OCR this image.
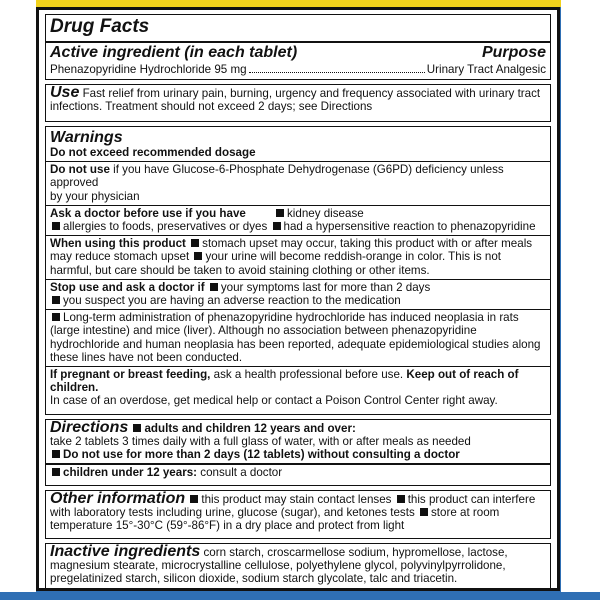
Drug Facts
Active ingredient (in each tablet)	Purpose
Phenazopyridine Hydrochloride 95 mg	Urinary Tract Analgesic
Use Fast relief from urinary pain, burning, urgency and frequency associated with urinary tract
infections. Treatment should not exceed 2 days; see Directions
Warnings
Do not exceed recommended dosage
Do not use if you have Glucose-6-Phosphate Dehydrogenase (G6PD) deficiency unless approved
by your physician
Ask a doctor before use if you have	kidney disease
allergies to foods, preservatives or dyes had a hypersensitive reaction to phenazopyridine
When using this product stomach upset may occur, taking this product with or after meals
may reduce stomach upset your urine will become reddish-orange in color. This is not
harmful, but care should be taken to avoid staining clothing or other items.
Stop use and ask a doctor if your symptoms last for more than 2 days
you suspect you are having an adverse reaction to the medication
Long-term administration of phenazopyridine hydrochloride has induced neoplasia in rats
(large intestine) and mice (liver). Although no association between phenazopyridine
hydrochloride and human neoplasia has been reported, adequate epidemiological studies along
these lines have not been conducted.
If pregnant or breast feeding, ask a health professional before use. Keep out of reach of children.
In case of an overdose, get medical help or contact a Poison Control Center right away.
Directions adults and children 12 years and over:
take 2 tablets 3 times daily with a full glass of water, with or after meals as needed
Do not use for more than 2 days (12 tablets) without consulting a doctor
children under 12 years: consult a doctor
Other information this product may stain contact lenses this product can interfere
with laboratory tests including urine, glucose (sugar), and ketones tests store at room
temperature 15°-30°C (59°-86°F) in a dry place and protect from light
Inactive ingredients corn starch, croscarmellose sodium, hypromellose, lactose,
magnesium stearate, microcrystalline cellulose, polyethylene glycol, polyvinylpyrrolidone,
pregelatinized starch, silicon dioxide, sodium starch glycolate, talc and triacetin.
